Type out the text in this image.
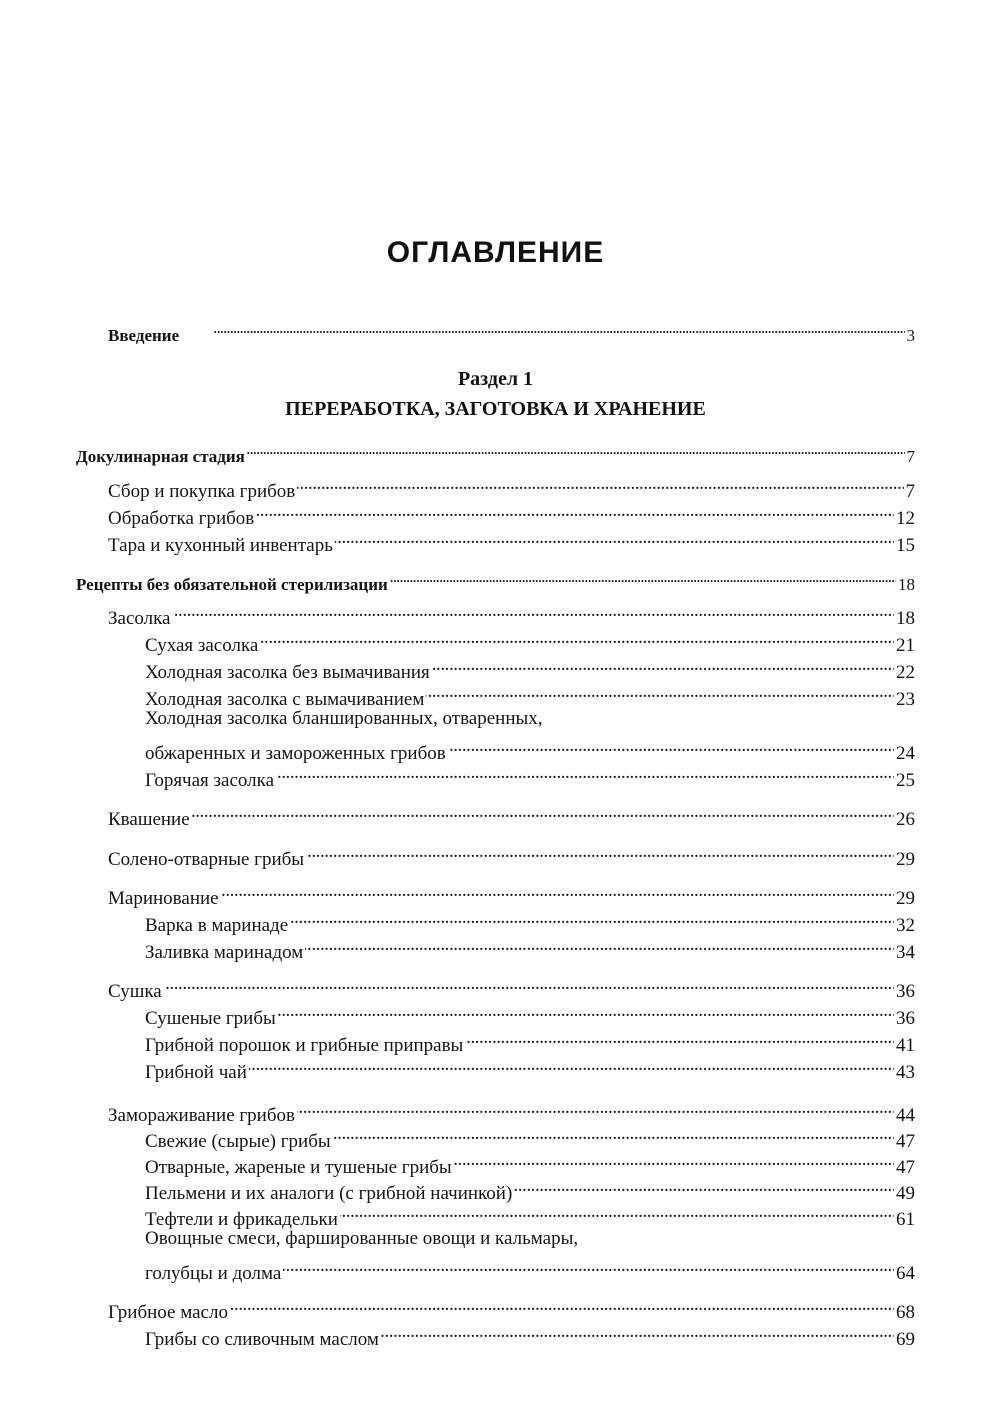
ОГЛАВЛЕНИЕ
Введение . . .	3
Раздел 1
ПЕРЕРАБОТКА, ЗАГОТОВКА И ХРАНЕНИЕ
Докулинарная стадия . . .	7
Сбор и покупка грибов . . .	7
Обработка грибов . . .	12
Тара и кухонный инвентарь . . .	15
Рецепты без обязательной стерилизации . . .	18
Засолка . . .	18
Сухая засолка . . .	21
Холодная засолка без вымачивания . . .	22
Холодная засолка с вымачиванием . . .	23
Холодная засолка бланшированных, отваренных,
обжаренных и замороженных грибов . . .	24
Горячая засолка . . .	25
Квашение . . .	26
Солено-отварные грибы . . .	29
Маринование . . .	29
Варка в маринаде . . .	32
Заливка маринадом . . .	34
Сушка . . .	36
Сушеные грибы . . .	36
Грибной порошок и грибные приправы . . .	41
Грибной чай . . .	43
Замораживание грибов . . .	44
Свежие (сырые) грибы . . .	47
Отварные, жареные и тушеные грибы . . .	47
Пельмени и их аналоги (с грибной начинкой) . . .	49
Тефтели и фрикадельки . . .	61
Овощные смеси, фаршированные овощи и кальмары,
голубцы и долма . . .	64
Грибное масло . . .	68
Грибы со сливочным маслом . . .	69
